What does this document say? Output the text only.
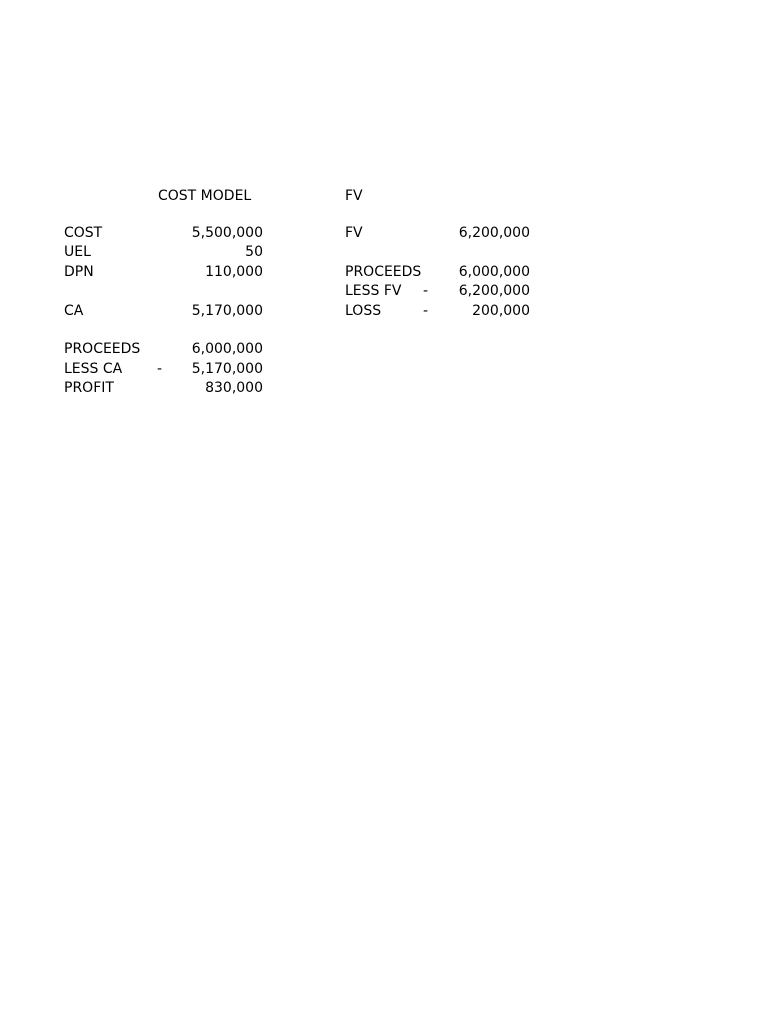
COST MODEL	FV
COST	5,500,000
UEL	50
DPN	110,000
CA	5,170,000
PROCEEDS	6,000,000
LESS CA - 5,170,000
PROFIT	830,000
FV	6,200,000
PROCEEDS	6,000,000
LESS FV - 6,200,000
LOSS	-	200,000
